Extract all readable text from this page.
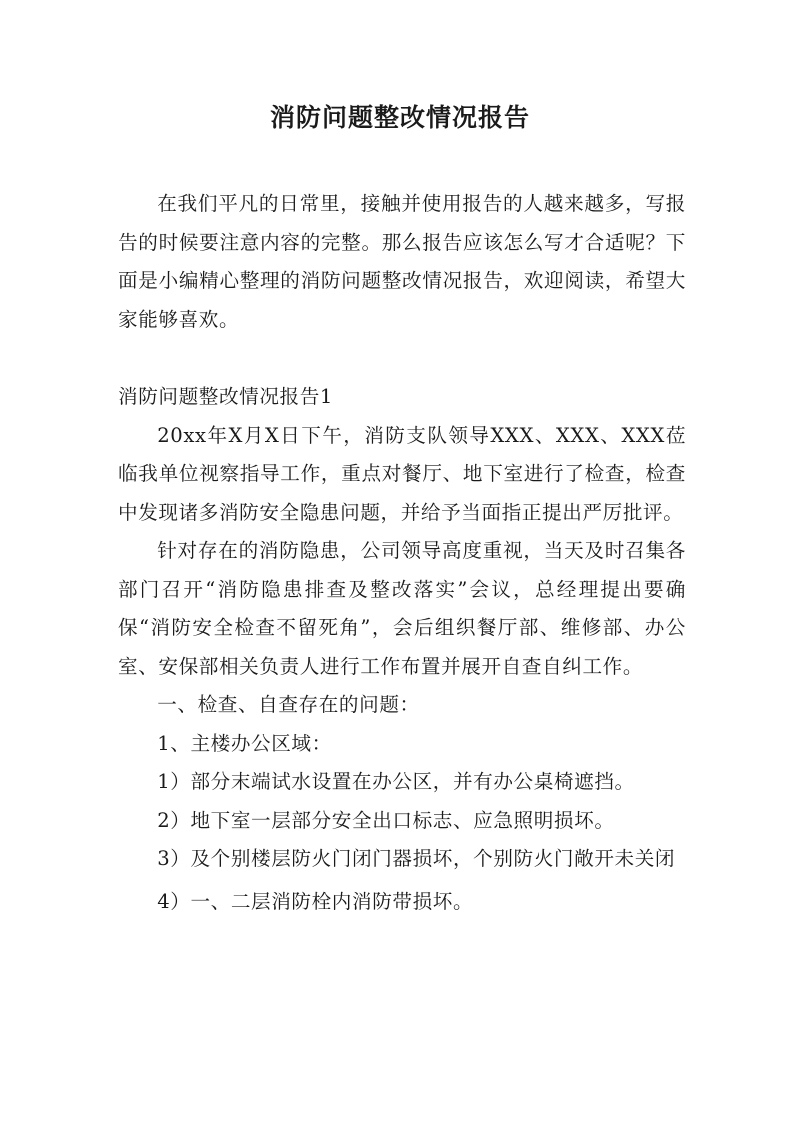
消防问题整改情况报告

在我们平凡的日常里，接触并使用报告的人越来越多，写报告的时候要注意内容的完整。那么报告应该怎么写才合适呢？下面是小编精心整理的消防问题整改情况报告，欢迎阅读，希望大家能够喜欢。

消防问题整改情况报告1

20xx年X月X日下午，消防支队领导XXX、XXX、XXX莅临我单位视察指导工作，重点对餐厅、地下室进行了检查，检查中发现诸多消防安全隐患问题，并给予当面指正提出严厉批评。

针对存在的消防隐患，公司领导高度重视，当天及时召集各部门召开“消防隐患排查及整改落实”会议，总经理提出要确保“消防安全检查不留死角”，会后组织餐厅部、维修部、办公室、安保部相关负责人进行工作布置并展开自查自纠工作。

一、检查、自查存在的问题：

1、主楼办公区域：

1）部分末端试水设置在办公区，并有办公桌椅遮挡。

2）地下室一层部分安全出口标志、应急照明损坏。

3）及个别楼层防火门闭门器损坏，个别防火门敞开未关闭

4）一、二层消防栓内消防带损坏。
